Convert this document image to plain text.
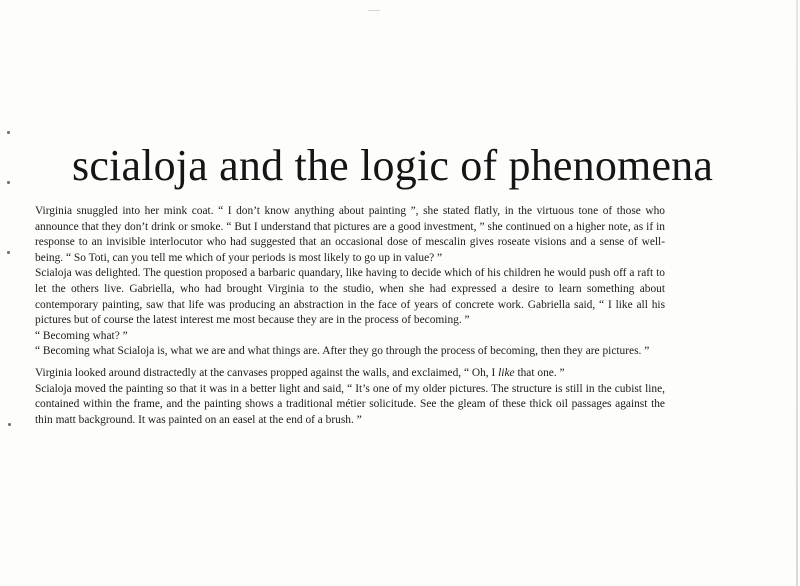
scialoja and the logic of phenomena

Virginia snuggled into her mink coat. “ I don’t know anything about painting ”, she stated flatly, in the virtuous tone of those who announce that they don’t drink or smoke. “ But I understand that pictures are a good investment, ” she continued on a higher note, as if in response to an invisible interlocutor who had suggested that an occasional dose of mescalin gives roseate visions and a sense of well-being. “ So Toti, can you tell me which of your periods is most likely to go up in value? ”

Scialoja was delighted. The question proposed a barbaric quandary, like having to decide which of his children he would push off a raft to let the others live. Gabriella, who had brought Virginia to the studio, when she had expressed a desire to learn something about contemporary painting, saw that life was producing an abstraction in the face of years of concrete work. Gabriella said, “ I like all his pictures but of course the latest interest me most because they are in the process of becoming. ”

“ Becoming what? ”

“ Becoming what Scialoja is, what we are and what things are. After they go through the process of becoming, then they are pictures. ”

Virginia looked around distractedly at the canvases propped against the walls, and exclaimed, “ Oh, I like that one. ”

Scialoja moved the painting so that it was in a better light and said, “ It’s one of my older pictures. The structure is still in the cubist line, contained within the frame, and the painting shows a traditional métier solicitude. See the gleam of these thick oil passages against the thin matt background. It was painted on an easel at the end of a brush. ”
